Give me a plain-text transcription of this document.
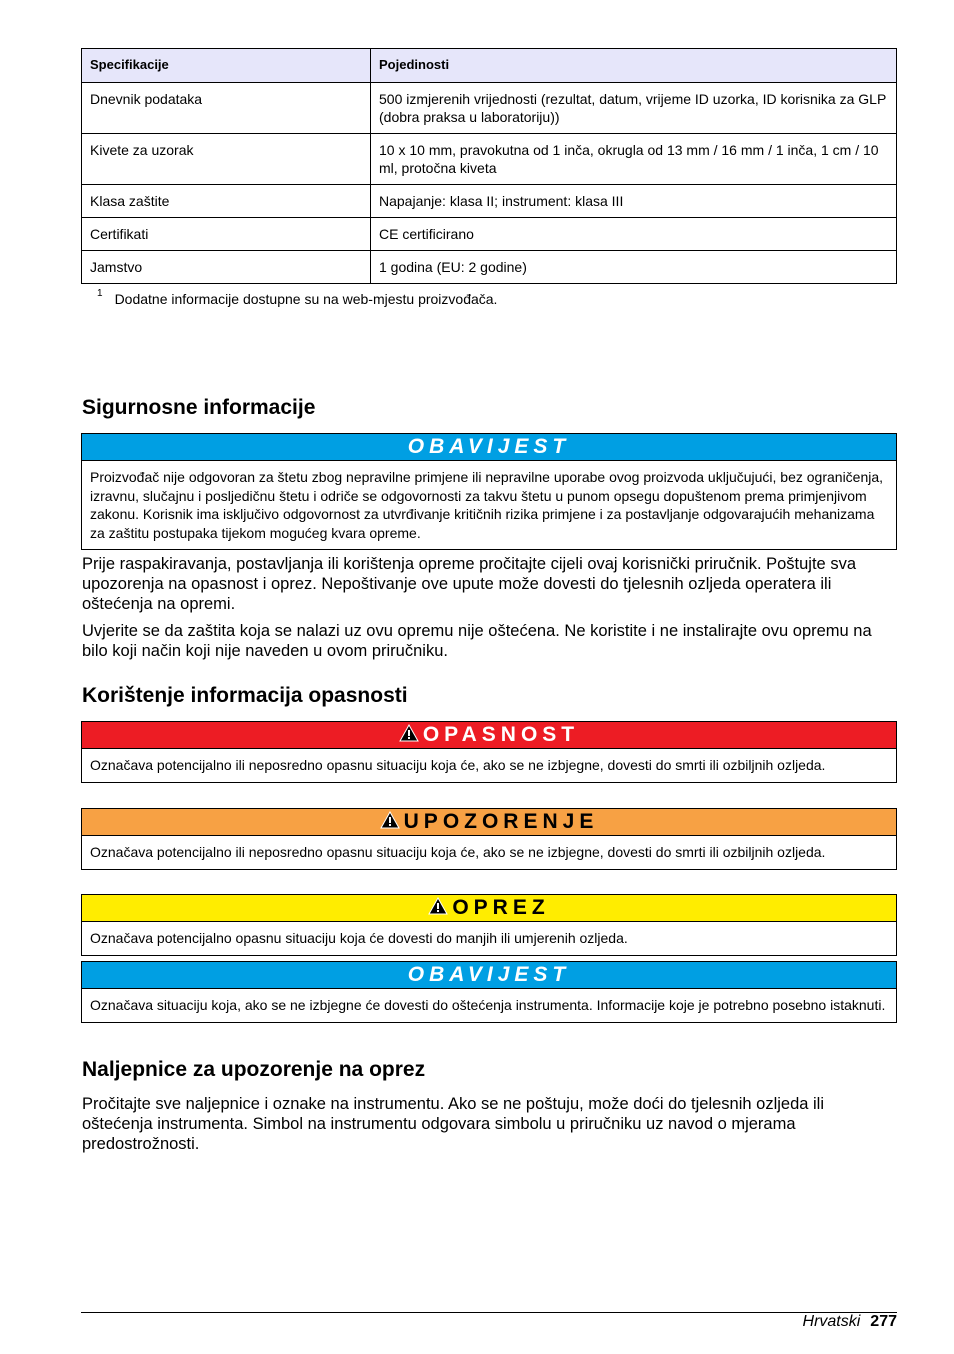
Specifikacije	Pojedinosti
Dnevnik podataka	500 izmjerenih vrijednosti (rezultat, datum, vrijeme ID uzorka, ID korisnika za GLP (dobra praksa u laboratoriju))
Kivete za uzorak	10 x 10 mm, pravokutna od 1 inča, okrugla od 13 mm / 16 mm / 1 inča, 1 cm / 10 ml, protočna kiveta
Klasa zaštite	Napajanje: klasa II; instrument: klasa III
Certifikati	CE certificirano
Jamstvo	1 godina (EU: 2 godine)
$^1$ Dodatne informacije dostupne su na web-mjestu proizvođača.
Sigurnosne informacije
OBAVIJEST
Proizvođač nije odgovoran za štetu zbog nepravilne primjene ili nepravilne uporabe ovog proizvoda uključujući, bez ograničenja, izravnu, slučajnu i posljedičnu štetu i odriče se odgovornosti za takvu štetu u punom opsegu dopuštenom prema primjenjivom zakonu. Korisnik ima isključivo odgovornost za utvrđivanje kritičnih rizika primjene i za postavljanje odgovarajućih mehanizama za zaštitu postupaka tijekom mogućeg kvara opreme.

Prije raspakiravanja, postavljanja ili korištenja opreme pročitajte cijeli ovaj korisnički priručnik. Poštujte sva upozorenja na opasnost i oprez. Nepoštivanje ove upute može dovesti do tjelesnih ozljeda operatera ili oštećenja na opremi.

Uvjerite se da zaštita koja se nalazi uz ovu opremu nije oštećena. Ne koristite i ne instalirajte ovu opremu na bilo koji način koji nije naveden u ovom priručniku.

Korištenje informacija opasnosti
OPASNOST
Označava potencijalno ili neposredno opasnu situaciju koja će, ako se ne izbjegne, dovesti do smrti ili ozbiljnih ozljeda.
UPOZORENJE
Označava potencijalno ili neposredno opasnu situaciju koja će, ako se ne izbjegne, dovesti do smrti ili ozbiljnih ozljeda.
OPREZ
Označava potencijalno opasnu situaciju koja će dovesti do manjih ili umjerenih ozljeda.
OBAVIJEST
Označava situaciju koja, ako se ne izbjegne će dovesti do oštećenja instrumenta. Informacije koje je potrebno posebno istaknuti.
Naljepnice za upozorenje na oprez

Pročitajte sve naljepnice i oznake na instrumentu. Ako se ne poštuju, može doći do tjelesnih ozljeda ili oštećenja instrumenta. Simbol na instrumentu odgovara simbolu u priručniku uz navod o mjerama predostrožnosti.

Hrvatski 277
